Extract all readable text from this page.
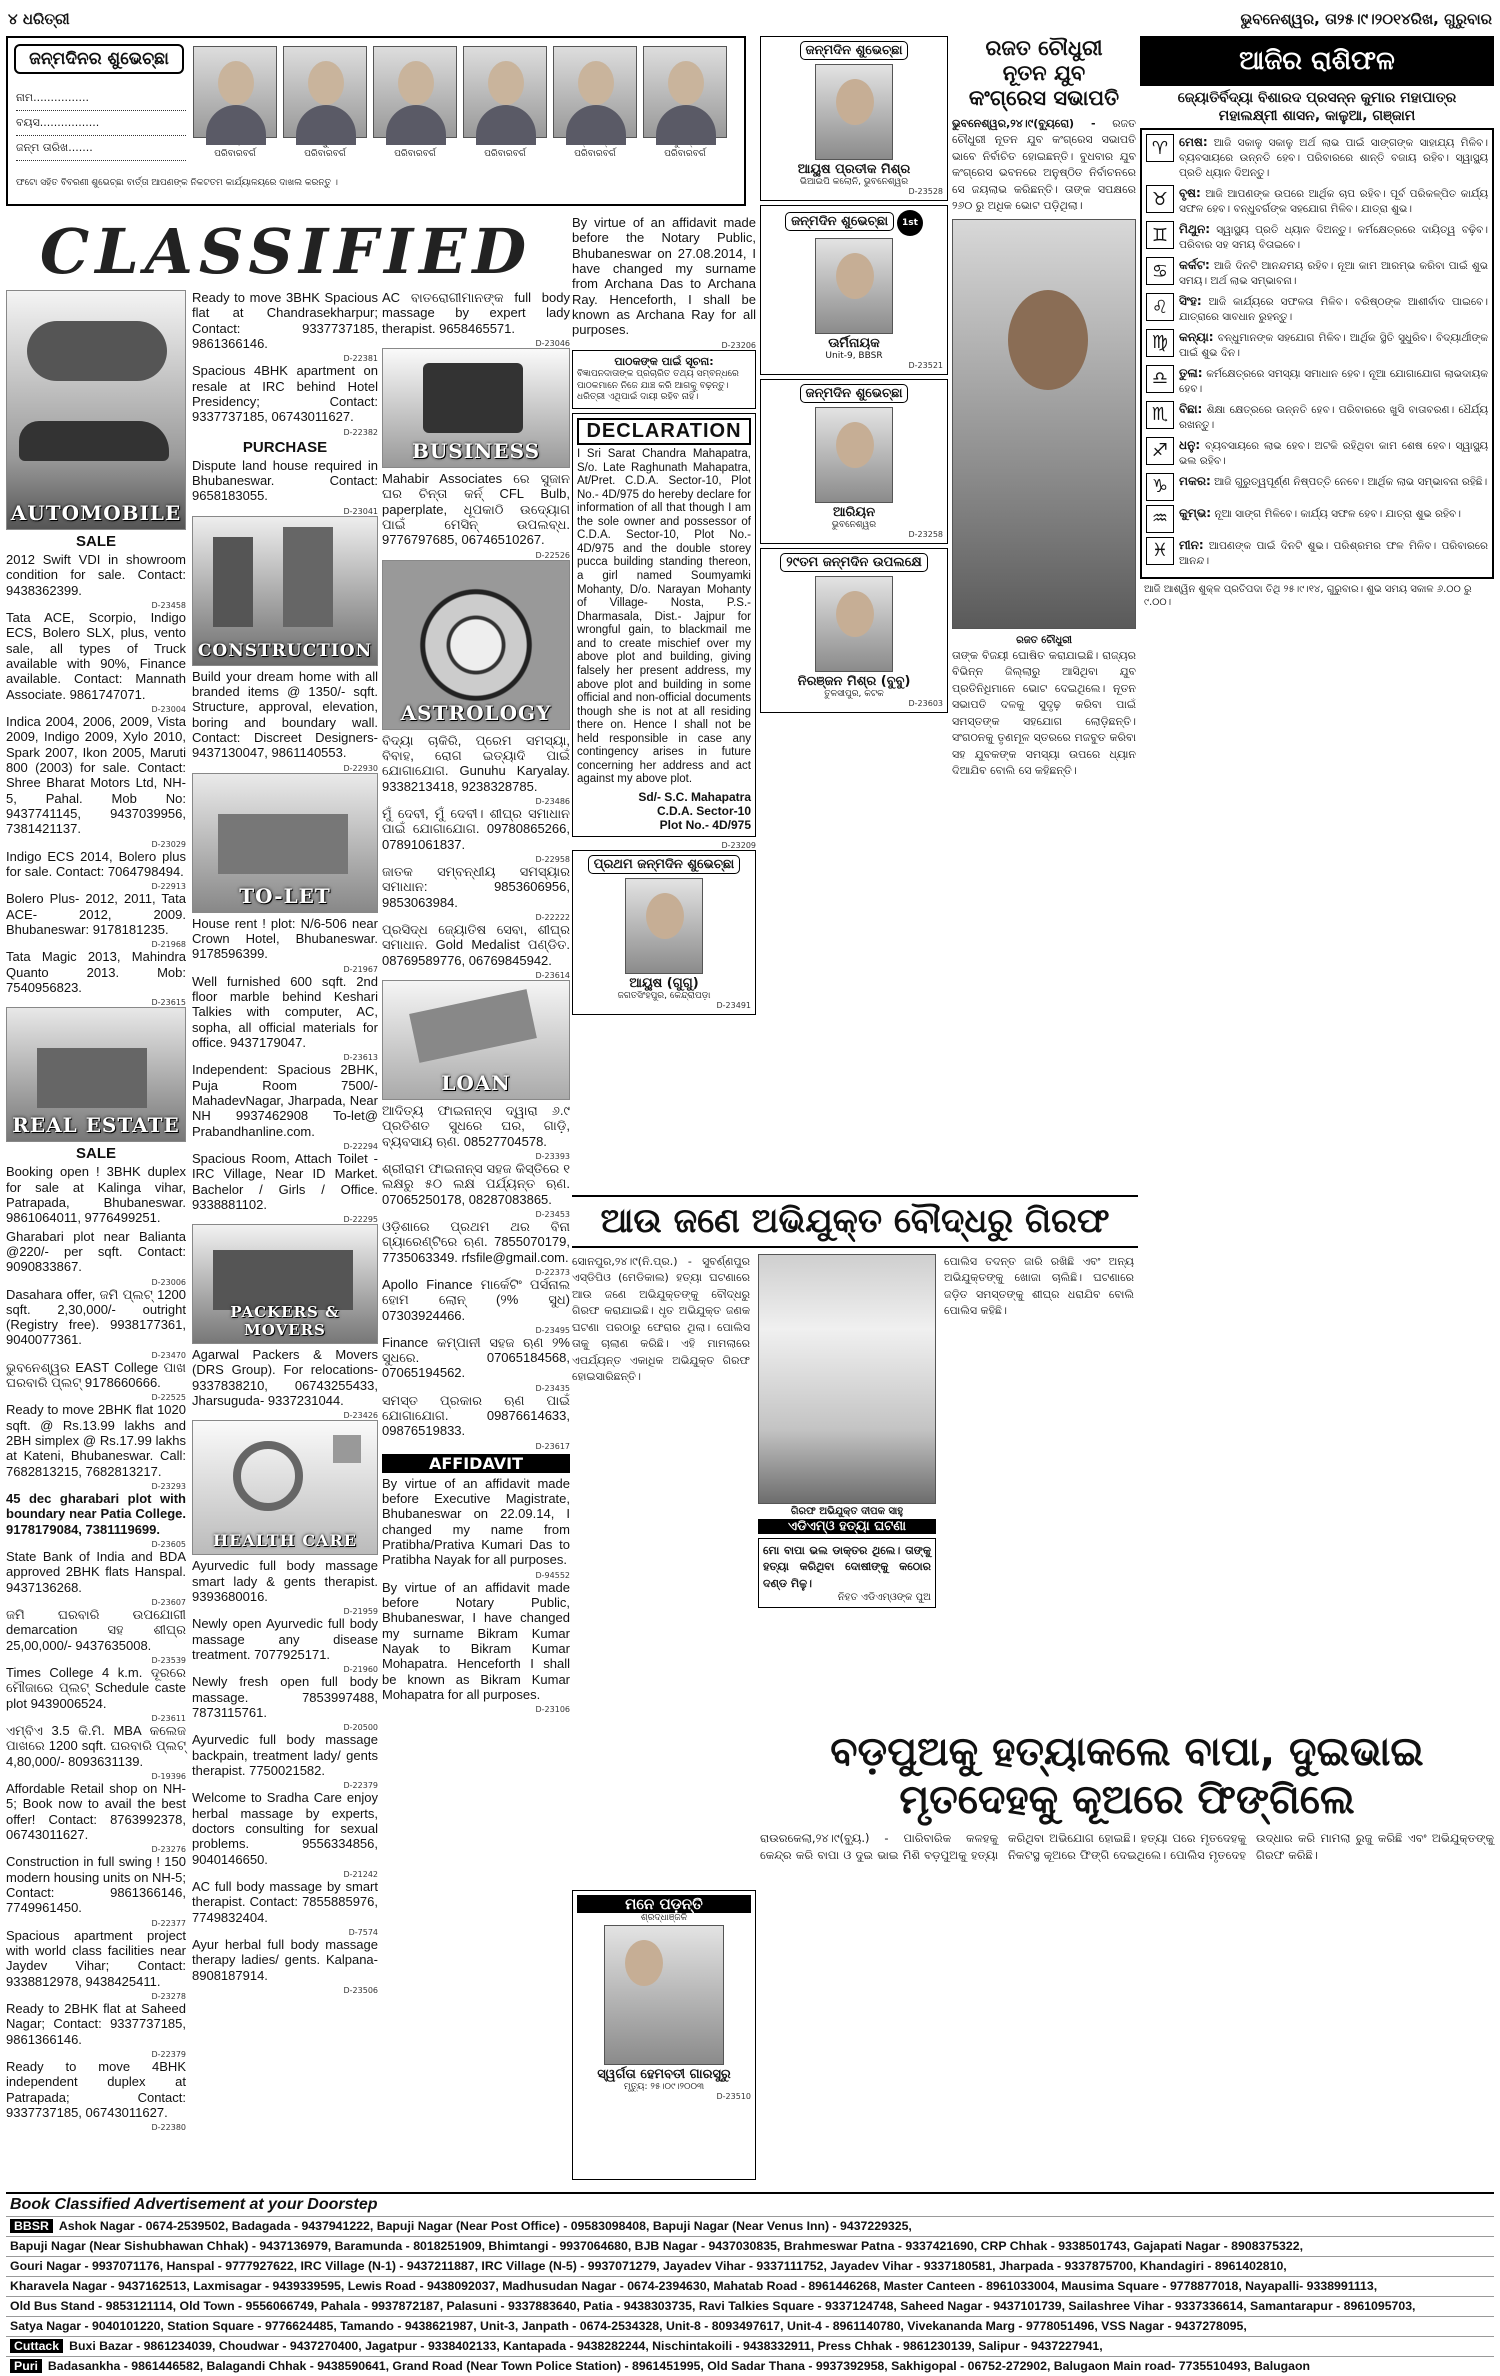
୪ ଧରିତ୍ରୀ	ଭୁବନେଶ୍ୱର, ତା୨୫।୯।୨୦୧୪ରିଖ, ଗୁରୁବାର
ଜନ୍ମଦିନର ଶୁଭେଚ୍ଛା
ନାମ................
ବୟସ.................
ଜନ୍ମ ତାରିଖ.......	ପରିବାରବର୍ଗ	ପରିବାରବର୍ଗ	ପରିବାରବର୍ଗ	ପରିବାରବର୍ଗ	ପରିବାରବର୍ଗ	ପରିବାରବର୍ଗ
ଫଟୋ ସହିତ ବିବରଣୀ ଶୁଭେଚ୍ଛା ବାର୍ତ୍ତା ଆପଣଙ୍କ ନିକଟତମ କାର୍ଯ୍ୟାଳୟରେ ଦାଖଲ କରନ୍ତୁ ।
CLASSIFIED
AUTOMOBILE
SALE
2012 Swift VDI in showroom condition for sale. Contact: 9438362399.
D-23458
Tata ACE, Scorpio, Indigo ECS, Bolero SLX, plus, vento sale, all types of Truck available with 90%, Finance available. Contact: Mannath Associate. 9861747071.
D-23004
Indica 2004, 2006, 2009, Vista 2009, Indigo 2009, Xylo 2010, Spark 2007, Ikon 2005, Maruti 800 (2003) for sale. Contact: Shree Bharat Motors Ltd, NH-5, Pahal. Mob No: 9437741145, 9437039956, 7381421137.
D-23029
Indigo ECS 2014, Bolero plus for sale. Contact: 7064798494.
D-22913
Bolero Plus- 2012, 2011, Tata ACE- 2012, 2009. Bhubaneswar: 9178181235.
D-21968
Tata Magic 2013, Mahindra Quanto 2013. Mob: 7540956823.
D-23615
REAL ESTATE
SALE
Booking open ! 3BHK duplex for sale at Kalinga vihar, Patrapada, Bhubaneswar. 9861064011, 9776499251.
Gharabari plot near Balianta @220/- per sqft. Contact: 9090833867.
D-23006
Dasahara offer, ଜମି ପ୍ଲଟ୍ 1200 sqft. 2,30,000/- outright (Registry free). 9938177361, 9040077361.
D-23470
ଭୁବନେଶ୍ୱର EAST College ପାଖ ଘରବାରି ପ୍ଲଟ୍ 9178660666.
D-22525
Ready to move 2BHK flat 1020 sqft. @ Rs.13.99 lakhs and 2BH simplex @ Rs.17.99 lakhs at Kateni, Bhubaneswar. Call: 7682813215, 7682813217.
D-23293
45 dec gharabari plot with boundary near Patia College. 9178179084, 7381119699.
D-23605
State Bank of India and BDA approved 2BHK flats Hanspal. 9437136268.
D-23607
ଜମି ଘରବାରି ଉପଯୋଗୀ demarcation ସହ ଶୀଘ୍ର 25,00,000/- 9437635008.
D-23539
Times College 4 k.m. ଦୂରରେ ମୌଜାରେ ପ୍ଲଟ୍ Schedule caste plot 9439006524.
D-23611
ଏମ୍‌ବିଏ 3.5 କି.ମି. MBA କଲେଜ ପାଖରେ 1200 sqft. ଘରବାରି ପ୍ଲଟ୍ 4,80,000/- 8093631139.
D-19396
Affordable Retail shop on NH-5; Book now to avail the best offer! Contact: 8763992378, 06743011627.
D-23276
Construction in full swing ! 150 modern housing units on NH-5; Contact: 9861366146, 7749961450.
D-22377
Spacious apartment project with world class facilities near Jaydev Vihar; Contact: 9338812978, 9438425411.
D-23278
Ready to 2BHK flat at Saheed Nagar; Contact: 9337737185, 9861366146.
D-22379
Ready to move 4BHK independent duplex at Patrapada; Contact: 9337737185, 06743011627.
D-22380
Ready to move 3BHK Spacious flat at Chandrasekharpur; Contact: 9337737185, 9861366146.
D-22381
Spacious 4BHK apartment on resale at IRC behind Hotel Presidency; Contact: 9337737185, 06743011627.
D-22382
PURCHASE
Dispute land house required in Bhubaneswar. Contact: 9658183055.
D-23041
CONSTRUCTION
Build your dream home with all branded items @ 1350/- sqft. Structure, approval, elevation, boring and boundary wall. Contact: Discreet Designers- 9437130047, 9861140553.
D-22930
TO-LET
House rent ! plot: N/6-506 near Crown Hotel, Bhubaneswar. 9178596399.
D-21967
Well furnished 600 sqft. 2nd floor marble behind Keshari Talkies with computer, AC, sopha, all official materials for office. 9437179047.
D-23613
Independent: Spacious 2BHK, Puja Room 7500/- MahadevNagar, Jharpada, Near NH 9937462908 To-let@ Prabandhanline.com.
D-22294
Spacious Room, Attach Toilet - IRC Village, Near ID Market. Bachelor / Girls / Office. 9338881102.
D-22295
PACKERS & MOVERS
Agarwal Packers & Movers (DRS Group). For relocations- 9337838210, 06743255433, Jharsuguda- 9337231044.
D-23426
HEALTH CARE
Ayurvedic full body massage smart lady & gents therapist. 9393680016.
D-21959
Newly open Ayurvedic full body massage any disease treatment. 7077925171.
D-21960
Newly fresh open full body massage. 7853997488, 7873115761.
D-20500
Ayurvedic full body massage backpain, treatment lady/ gents therapist. 7750021582.
D-22379
Welcome to Sradha Care enjoy herbal massage by experts, doctors consulting for sexual problems. 9556334856, 9040146650.
D-21242
AC full body massage by smart therapist. Contact: 7855885976, 7749832404.
D-7574
Ayur herbal full body massage therapy ladies/ gents. Kalpana- 8908187914.
D-23506
AC ବାତରୋଗୀମାନଙ୍କ full body massage by expert lady therapist. 9658465571.
D-23046
BUSINESS
Mahabir Associates ରେ ସୁଜାନ ଘର ଚିନ୍ତା କର୍ନ୍ CFL Bulb, paperplate, ଧୂପକାଠି ଉଦ୍ୟୋଗ ପାଇଁ ମେସିନ୍ ଉପଲବ୍ଧ. 9776797685, 06746510267.
D-22526
ASTROLOGY
ବିଦ୍ୟା ଚାକିରି, ପ୍ରେମ ସମସ୍ୟା, ବିବାହ, ରୋଗ ଇତ୍ୟାଦି ପାଇଁ ଯୋଗାଯୋଗ. Gunuhu Karyalay. 9338213418, 9238328785.
D-23486
ମୁଁ ଦେବୀ, ମୁଁ ଦେବୀ। ଶୀଘ୍ର ସମାଧାନ ପାଇଁ ଯୋଗାଯୋଗ. 09780865266, 07891061837.
D-22958
ଜାତକ ସମ୍ବନ୍ଧୀୟ ସମସ୍ୟାର ସମାଧାନ: 9853606956, 9853063984.
D-22222
ପ୍ରସିଦ୍ଧ ଜ୍ୟୋତିଷ ସେବା, ଶୀଘ୍ର ସମାଧାନ. Gold Medalist ପଣ୍ଡିତ. 08769589776, 06769845942.
D-23614
LOAN
ଆଦିତ୍ୟ ଫାଇନାନ୍ସ ଦ୍ୱାରା ୬.୯ ପ୍ରତିଶତ ସୁଧରେ ଘର, ଗାଡ଼ି, ବ୍ୟବସାୟ ଋଣ. 08527704578.
D-23393
ଶ୍ରୀରାମ ଫାଇନାନ୍ସ ସହଜ କିସ୍ତିରେ ୧ ଲକ୍ଷରୁ ୫୦ ଲକ୍ଷ ପର୍ଯ୍ୟନ୍ତ ଋଣ. 07065250178, 08287083865.
D-23453
ଓଡ଼ିଶାରେ ପ୍ରଥମ ଥର ବିନା ଗ୍ୟାରେଣ୍ଟିରେ ଋଣ. 7855070179, 7735063349. rfsfile@gmail.com.
D-22373
Apollo Finance ମାର୍କେଟିଂ ପର୍ସନାଲ ହୋମ ଲୋନ୍ (୨% ସୁଧ) 07303924466.
D-23495
Finance କମ୍ପାନୀ ସହଜ ଋଣ ୨% ସୁଧରେ. 07065184568, 07065194562.
D-23435
ସମସ୍ତ ପ୍ରକାର ଋଣ ପାଇଁ ଯୋଗାଯୋଗ. 09876614633, 09876519833.
D-23617
AFFIDAVIT
By virtue of an affidavit made before Executive Magistrate, Bhubaneswar on 22.09.14, I changed my name from Pratibha/Prativa Kumari Das to Pratibha Nayak for all purposes.
D-94552
By virtue of an affidavit made before Notary Public, Bhubaneswar, I have changed my surname Bikram Kumar Nayak to Bikram Kumar Mohapatra. Henceforth I shall be known as Bikram Kumar Mohapatra for all purposes.
D-23106
By virtue of an affidavit made before the Notary Public, Bhubaneswar on 27.08.2014, I have changed my surname from Archana Das to Archana Ray. Henceforth, I shall be known as Archana Ray for all purposes.
D-23206
ପାଠକଙ୍କ ପାଇଁ ସୂଚନା:
ବିଜ୍ଞାପନଦାତାଙ୍କ ପ୍ରଚାରିତ ତଥ୍ୟ ସମ୍ବନ୍ଧରେ ପାଠକମାନେ ନିଜେ ଯାଞ୍ଚ କରି ଆଗକୁ ବଢ଼ନ୍ତୁ। ଧରିତ୍ରୀ ଏଥିପାଇଁ ଦାୟୀ ରହିବ ନାହିଁ।
DECLARATION
I Sri Sarat Chandra Mahapatra, S/o. Late Raghunath Mahapatra, At/Pret. C.D.A. Sector-10, Plot No.- 4D/975 do hereby declare for information of all that though I am the sole owner and possessor of C.D.A. Sector-10, Plot No.- 4D/975 and the double storey pucca building standing thereon, a girl named Soumyamki Mohanty, D/o. Narayan Mohanty of Village- Nosta, P.S.- Dharmasala, Dist.- Jajpur for wrongful gain, to blackmail me and to create mischief over my above plot and building, giving falsely her present address, my above plot and building in some official and non-official documents though she is not at all residing there on. Hence I shall not be held responsible in case any contingency arises in future concerning her address and act against my above plot.
Sd/- S.C. Mahapatra
C.D.A. Sector-10
Plot No.- 4D/975
D-23209
ପ୍ରଥମ ଜନ୍ମଦିନ ଶୁଭେଚ୍ଛା
ଆୟୁଷ (ଗୁଗୁ)
ଜଗତସିଂହପୁର, କେନ୍ଦ୍ରାପଡ଼ା
D-23491
ଜନ୍ମଦିନ ଶୁଭେଚ୍ଛା
ଆୟୁଷ ପ୍ରତୀକ ମିଶ୍ର
ଭିଆଇପି କଲୋନି, ଭୁବନେଶ୍ୱର
D-23528
ଜନ୍ମଦିନ ଶୁଭେଚ୍ଛା 1st
ଊର୍ମିନାୟକ
Unit-9, BBSR
D-23521
ଜନ୍ମଦିନ ଶୁଭେଚ୍ଛା
ଆରିୟନ
ଭୁବନେଶ୍ୱର
D-23258
୨୯ତମ ଜନ୍ମଦିନ ଉପଲକ୍ଷେ
ନିରଞ୍ଜନ ମିଶ୍ର (ବୁବୁ)
ତୁଳସୀପୁର, କଟକ
D-23603
ରଜତ ଚୌଧୁରୀ
ନୂତନ ଯୁବ
କଂଗ୍ରେସ ସଭାପତି
ଭୁବନେଶ୍ୱର,୨୪।୯(ବ୍ୟୁରୋ) - ରଜତ ଚୌଧୁରୀ ନୂତନ ଯୁବ କଂଗ୍ରେସ ସଭାପତି ଭାବେ ନିର୍ବାଚିତ ହୋଇଛନ୍ତି। ବୁଧବାର ଯୁବ କଂଗ୍ରେସ ଭବନରେ ଅନୁଷ୍ଠିତ ନିର୍ବାଚନରେ ସେ ଜୟଲାଭ କରିଛନ୍ତି। ତାଙ୍କ ସପକ୍ଷରେ ୨୬୦ ରୁ ଅଧିକ ଭୋଟ ପଡ଼ିଥିଲା।
ରଜତ ଚୌଧୁରୀ
ତାଙ୍କ ବିଜୟୀ ଘୋଷିତ କରାଯାଇଛି। ରାଜ୍ୟର ବିଭିନ୍ନ ଜିଲ୍ଲାରୁ ଆସିଥିବା ଯୁବ ପ୍ରତିନିଧିମାନେ ଭୋଟ ଦେଇଥିଲେ। ନୂତନ ସଭାପତି ଦଳକୁ ସୁଦୃଢ଼ କରିବା ପାଇଁ ସମସ୍ତଙ୍କ ସହଯୋଗ ଲୋଡ଼ିଛନ୍ତି। ସଂଗଠନକୁ ତୃଣମୂଳ ସ୍ତରରେ ମଜବୁତ କରିବା ସହ ଯୁବକଙ୍କ ସମସ୍ୟା ଉପରେ ଧ୍ୟାନ ଦିଆଯିବ ବୋଲି ସେ କହିଛନ୍ତି।
ଆଜିର ରାଶିଫଳ
ଜ୍ୟୋତିର୍ବିଦ୍ୟା ବିଶାରଦ ପ୍ରସନ୍ନ କୁମାର ମହାପାତ୍ର
ମହାଲକ୍ଷ୍ମୀ ଶାସନ, କାଳୁଆ, ଗଞ୍ଜାମ
♈ ମେଷ: ଆଜି ସକାଳୁ ସକାଳୁ ଅର୍ଥ ଲାଭ ପାଇଁ ସାଙ୍ଗଙ୍କ ସାହାଯ୍ୟ ମିଳିବ। ବ୍ୟବସାୟରେ ଉନ୍ନତି ହେବ। ପରିବାରରେ ଶାନ୍ତି ବଜାୟ ରହିବ। ସ୍ୱାସ୍ଥ୍ୟ ପ୍ରତି ଧ୍ୟାନ ଦିଅନ୍ତୁ।
♉ ବୃଷ: ଆଜି ଆପଣଙ୍କ ଉପରେ ଆର୍ଥିକ ଚାପ ରହିବ। ପୂର୍ବ ପରିକଳ୍ପିତ କାର୍ଯ୍ୟ ସଫଳ ହେବ। ବନ୍ଧୁବର୍ଗଙ୍କ ସହଯୋଗ ମିଳିବ। ଯାତ୍ରା ଶୁଭ।
♊ ମିଥୁନ: ସ୍ୱାସ୍ଥ୍ୟ ପ୍ରତି ଧ୍ୟାନ ଦିଅନ୍ତୁ। କର୍ମକ୍ଷେତ୍ରରେ ଦାୟିତ୍ୱ ବଢ଼ିବ। ପରିବାର ସହ ସମୟ ବିତାଇବେ।
♋ କର୍କଟ: ଆଜି ଦିନଟି ଆନନ୍ଦମୟ ରହିବ। ନୂଆ କାମ ଆରମ୍ଭ କରିବା ପାଇଁ ଶୁଭ ସମୟ। ଅର୍ଥ ଲାଭ ସମ୍ଭାବନା।
♌ ସିଂହ: ଆଜି କାର୍ଯ୍ୟରେ ସଫଳତା ମିଳିବ। ବରିଷ୍ଠଙ୍କ ଆଶୀର୍ବାଦ ପାଇବେ। ଯାତ୍ରାରେ ସାବଧାନ ରୁହନ୍ତୁ।
♍ କନ୍ୟା: ବନ୍ଧୁମାନଙ୍କ ସହଯୋଗ ମିଳିବ। ଆର୍ଥିକ ସ୍ଥିତି ସୁଧୁରିବ। ବିଦ୍ୟାର୍ଥୀଙ୍କ ପାଇଁ ଶୁଭ ଦିନ।
♎ ତୁଳା: କର୍ମକ୍ଷେତ୍ରରେ ସମସ୍ୟା ସମାଧାନ ହେବ। ନୂଆ ଯୋଗାଯୋଗ ଲାଭଦାୟକ ହେବ।
♏ ବିଛା: ଶିକ୍ଷା କ୍ଷେତ୍ରରେ ଉନ୍ନତି ହେବ। ପରିବାରରେ ଖୁସି ବାତାବରଣ। ଧୈର୍ଯ୍ୟ ରଖନ୍ତୁ।
♐ ଧନୁ: ବ୍ୟବସାୟରେ ଲାଭ ହେବ। ଅଟକି ରହିଥିବା କାମ ଶେଷ ହେବ। ସ୍ୱାସ୍ଥ୍ୟ ଭଲ ରହିବ।
♑ ମକର: ଆଜି ଗୁରୁତ୍ୱପୂର୍ଣ୍ଣ ନିଷ୍ପତ୍ତି ନେବେ। ଆର୍ଥିକ ଲାଭ ସମ୍ଭାବନା ରହିଛି।
♒ କୁମ୍ଭ: ନୂଆ ସାଙ୍ଗ ମିଳିବେ। କାର୍ଯ୍ୟ ସଫଳ ହେବ। ଯାତ୍ରା ଶୁଭ ରହିବ।
♓ ମୀନ: ଆପଣଙ୍କ ପାଇଁ ଦିନଟି ଶୁଭ। ପରିଶ୍ରମର ଫଳ ମିଳିବ। ପରିବାରରେ ଆନନ୍ଦ।
ଆଜି ଆଶ୍ୱିନ ଶୁକ୍ଳ ପ୍ରତିପଦା ତିଥି ୨୫।୯।୧୪, ଗୁରୁବାର। ଶୁଭ ସମୟ ସକାଳ ୬.୦୦ ରୁ ୯.୦୦।
ଆଉ ଜଣେ ଅଭିଯୁକ୍ତ ବୌଦ୍ଧରୁ ଗିରଫ
ସୋନପୁର,୨୪।୯(ନି.ପ୍ର.) - ସୁବର୍ଣ୍ଣପୁର ଏସ୍‌ଡିପିଓ (ମେଡିକାଲ) ହତ୍ୟା ଘଟଣାରେ ଆଉ ଜଣେ ଅଭିଯୁକ୍ତଙ୍କୁ ବୌଦ୍ଧରୁ ଗିରଫ କରାଯାଇଛି। ଧୃତ ଅଭିଯୁକ୍ତ ଜଣକ ଘଟଣା ପରଠାରୁ ଫେରାର ଥିଲା। ପୋଲିସ ତାକୁ ଚାଲାଣ କରିଛି। ଏହି ମାମଲାରେ ଏପର୍ଯ୍ୟନ୍ତ ଏକାଧିକ ଅଭିଯୁକ୍ତ ଗିରଫ ହୋଇସାରିଛନ୍ତି।
ଗିରଫ ଅଭିଯୁକ୍ତ ଦୀପକ ସାହୁ
ଏଡିଏମ୍‌ଓ ହତ୍ୟା ଘଟଣା
ମୋ ବାପା ଭଲ ଡାକ୍ତର ଥିଲେ। ତାଙ୍କୁ ହତ୍ୟା କରିଥିବା ଦୋଷୀଙ୍କୁ କଠୋର ଦଣ୍ଡ ମିଳୁ।
ନିହତ ଏଡିଏମ୍‌ଓଙ୍କ ପୁଅ
ପୋଲିସ ତଦନ୍ତ ଜାରି ରଖିଛି ଏବଂ ଅନ୍ୟ ଅଭିଯୁକ୍ତଙ୍କୁ ଖୋଜା ଚାଲିଛି। ଘଟଣାରେ ଜଡ଼ିତ ସମସ୍ତଙ୍କୁ ଶୀଘ୍ର ଧରାଯିବ ବୋଲି ପୋଲିସ କହିଛି।
ମନେ ପଡ଼ନ୍ତି
ଶ୍ରଦ୍ଧାଞ୍ଜଳି
ସ୍ୱର୍ଗତା ହେମବତୀ ଗାରସୁରୁ
ମୃତ୍ୟୁ: ୨୫।୦୯।୨୦୦୩
D-23510
ବଡ଼ପୁଅକୁ ହତ୍ୟାକଲେ ବାପା, ଦୁଇଭାଇ
ମୃତଦେହକୁ କୂଅରେ ଫିଙ୍ଗିଲେ
ରାଉରକେଲା,୨୪।୯(ବ୍ୟୁ.) - ପାରିବାରିକ କଳହକୁ କେନ୍ଦ୍ର କରି ବାପା ଓ ଦୁଇ ଭାଇ ମିଶି ବଡ଼ପୁଅକୁ ହତ୍ୟା କରିଥିବା ଅଭିଯୋଗ ହୋଇଛି। ହତ୍ୟା ପରେ ମୃତଦେହକୁ ନିକଟସ୍ଥ କୂଅରେ ଫିଙ୍ଗି ଦେଇଥିଲେ। ପୋଲିସ ମୃତଦେହ ଉଦ୍ଧାର କରି ମାମଲା ରୁଜୁ କରିଛି ଏବଂ ଅଭିଯୁକ୍ତଙ୍କୁ ଗିରଫ କରିଛି।
Book Classified Advertisement at your Doorstep
BBSR Ashok Nagar - 0674-2539502, Badagada - 9437941222, Bapuji Nagar (Near Post Office) - 09583098408, Bapuji Nagar (Near Venus Inn) - 9437229325,
Bapuji Nagar (Near Sishubhawan Chhak) - 9437136979, Baramunda - 8018251909, Bhimtangi - 9937064680, BJB Nagar - 9437030835, Brahmeswar Patna - 9337421690, CRP Chhak - 9338501743, Gajapati Nagar - 8908375322,
Gouri Nagar - 9937071176, Hanspal - 9777927622, IRC Village (N-1) - 9437211887, IRC Village (N-5) - 9937071279, Jayadev Vihar - 9337111752, Jayadev Vihar - 9337180581, Jharpada - 9337875700, Khandagiri - 8961402810,
Kharavela Nagar - 9437162513, Laxmisagar - 9439339595, Lewis Road - 9438092037, Madhusudan Nagar - 0674-2394630, Mahatab Road - 8961446268, Master Canteen - 8961033004, Mausima Square - 9778877018, Nayapalli- 9338991113,
Old Bus Stand - 9853121114, Old Town - 9556066749, Pahala - 9937872187, Palasuni - 9337883640, Patia - 9438303735, Ravi Talkies Square - 9337124748, Saheed Nagar - 9437101739, Sailashree Vihar - 9337336614, Samantarapur - 8961095703,
Satya Nagar - 9040101220, Station Square - 9776624485, Tamando - 9438621987, Unit-3, Janpath - 0674-2534328, Unit-8 - 8093497617, Unit-4 - 8961140780, Vivekananda Marg - 9778051496, VSS Nagar - 9437278095,
Cuttack Buxi Bazar - 9861234039, Choudwar - 9437270400, Jagatpur - 9338402133, Kantapada - 9438282244, Nischintakoili - 9438332911, Press Chhak - 9861230139, Salipur - 9437227941,
Puri Badasankha - 9861446582, Balagandi Chhak - 9438590641, Grand Road (Near Town Police Station) - 8961451995, Old Sadar Thana - 9937392958, Sakhigopal - 06752-272902, Balugaon Main road- 7735510493, Balugaon
